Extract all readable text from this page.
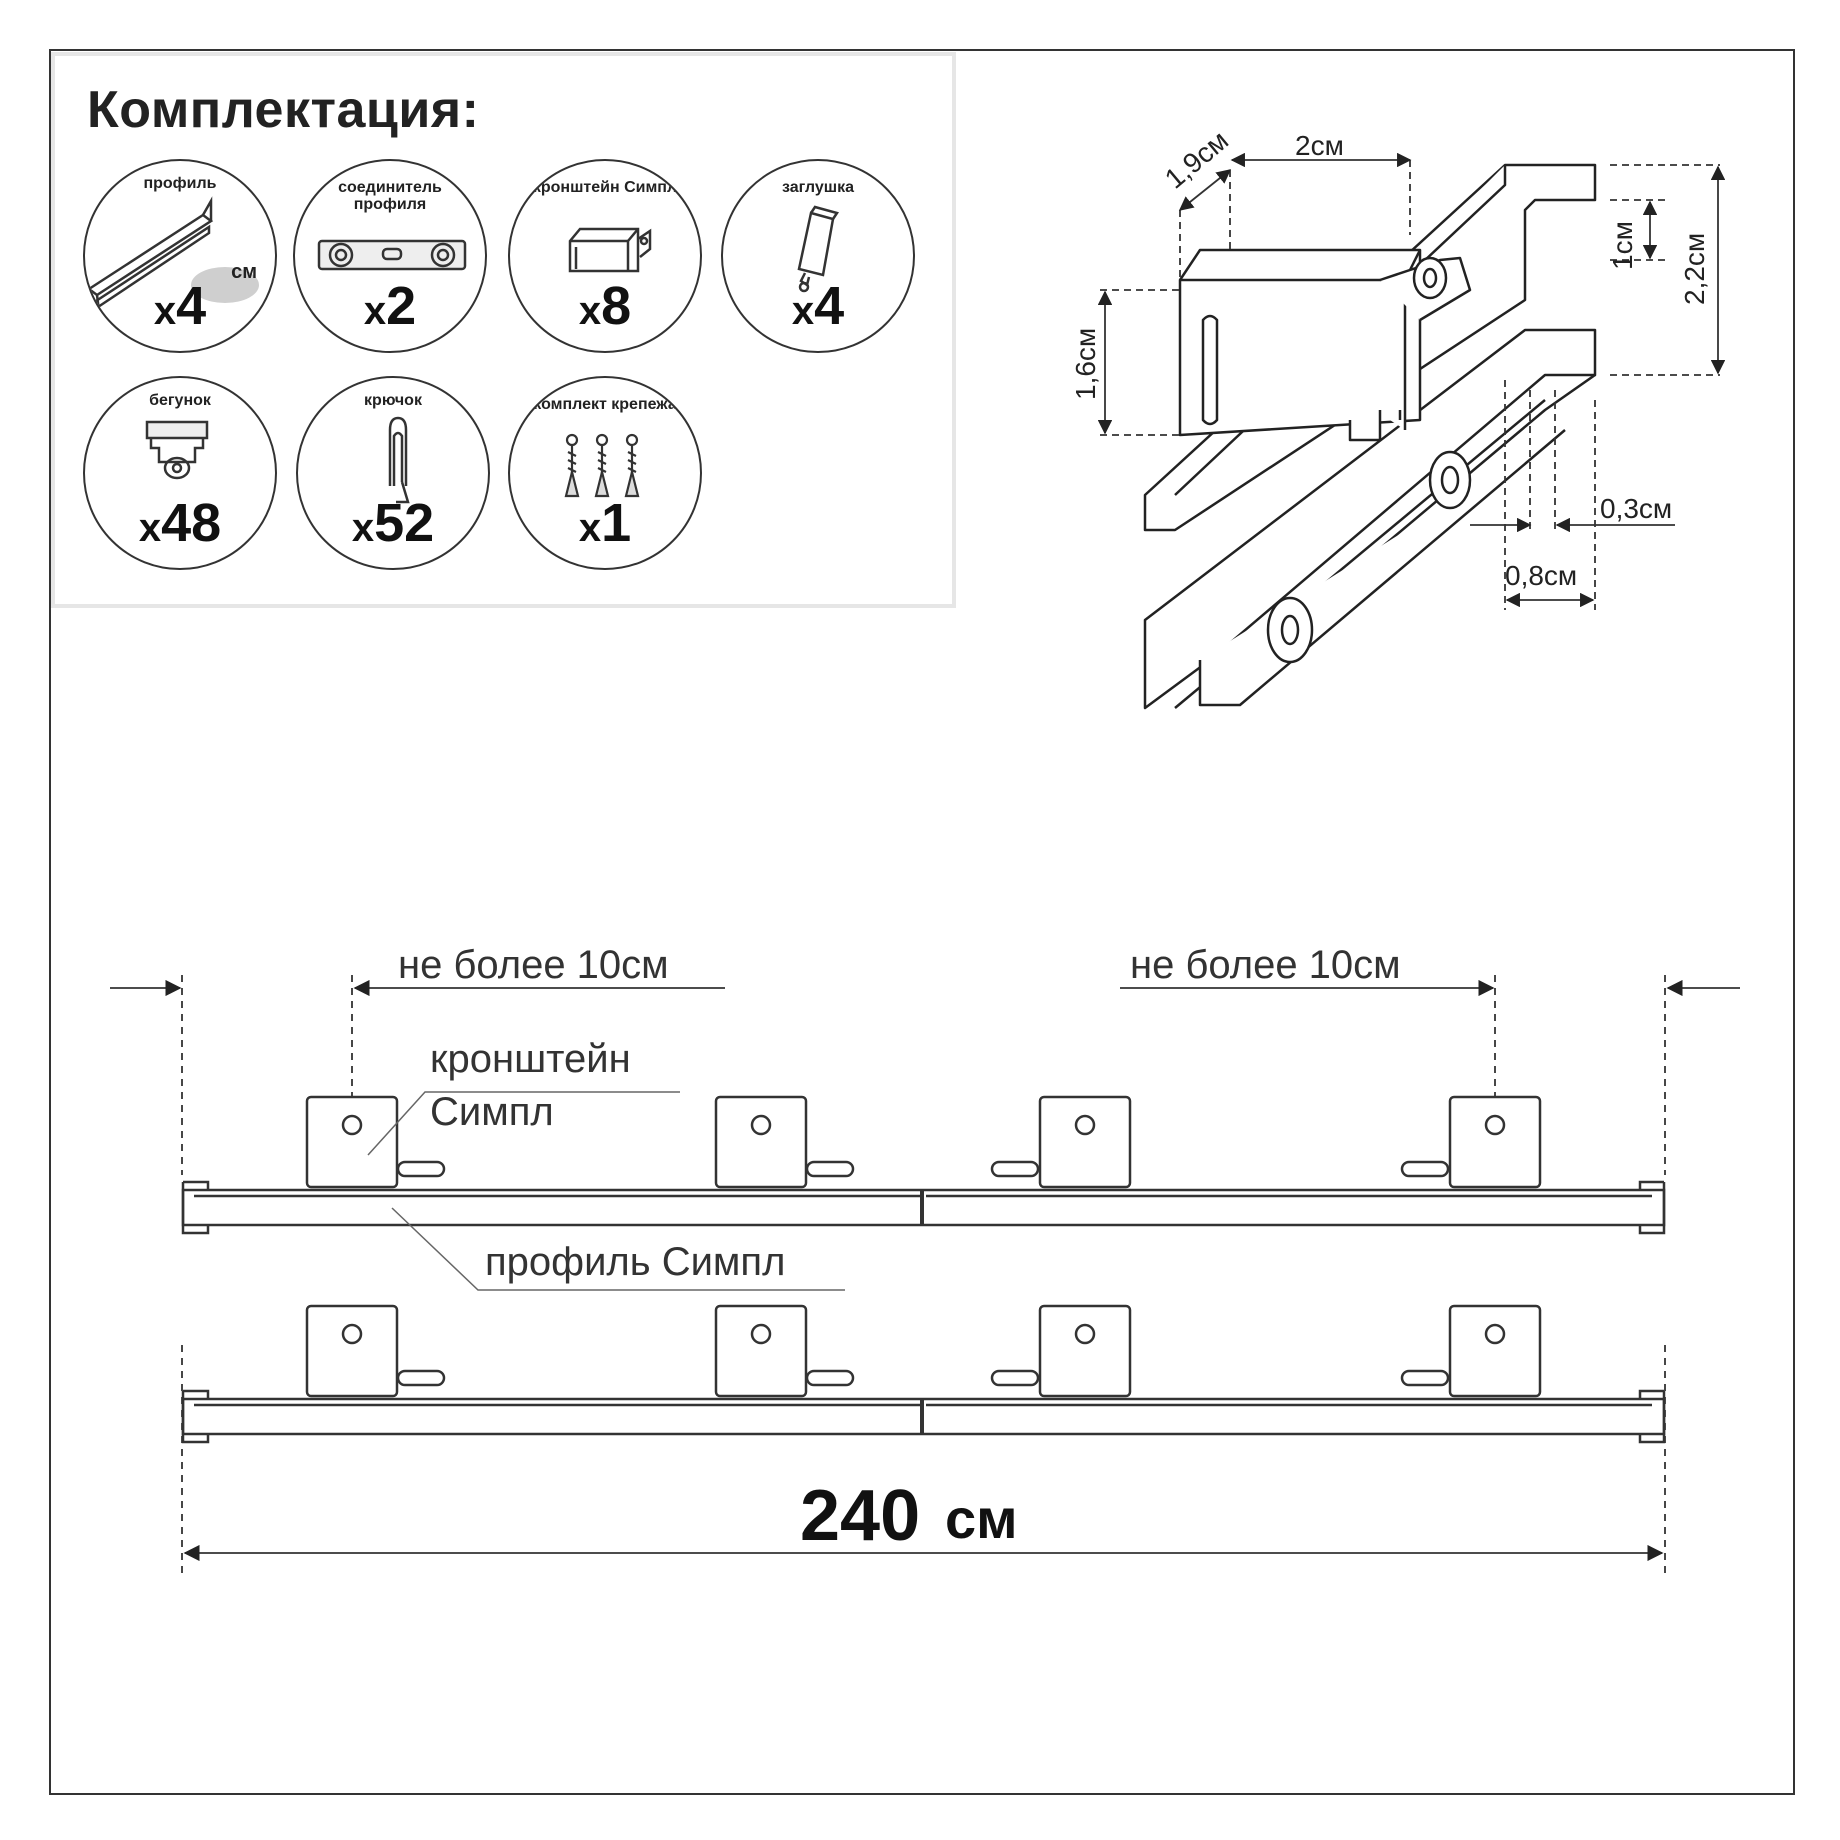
Комплектация:
профиль
см
x4
соединитель профиля
x2
кронштейн Симпл
x8
заглушка
x4
бегунок
x48
крючок
x52
комплект крепежа
x1
1,9см 2см
1,6см
1см 2,2см
0,3см
0,8см
не более 10см	не более 10см
кронштейн
Симпл
профиль Симпл
240 см
